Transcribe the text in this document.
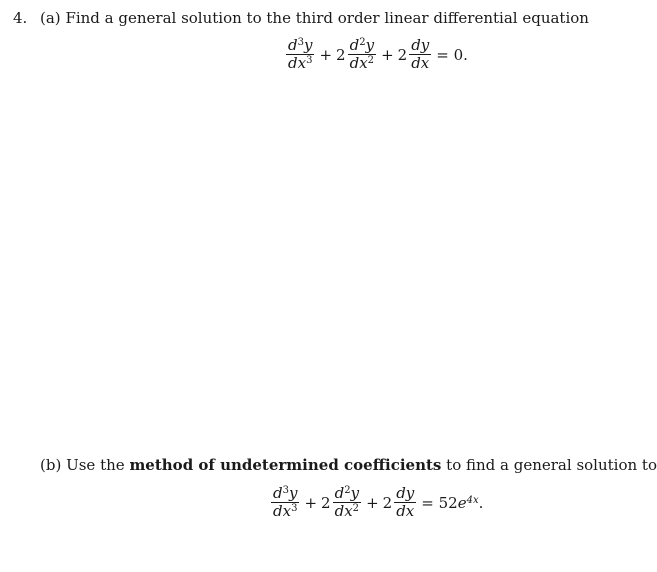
4. (a) Find a general solution to the third order linear differential equation
$\frac{d^3y}{dx^3} + 2 \frac{d^2y}{dx^2} + 2 \frac{dy}{dx} = 0$.
(b) Use the method of undetermined coefficients to find a general solution to
$\frac{d^3y}{dx^3} + 2 \frac{d^2y}{dx^2} + 2 \frac{dy}{dx} = 52e^{4x}$.
